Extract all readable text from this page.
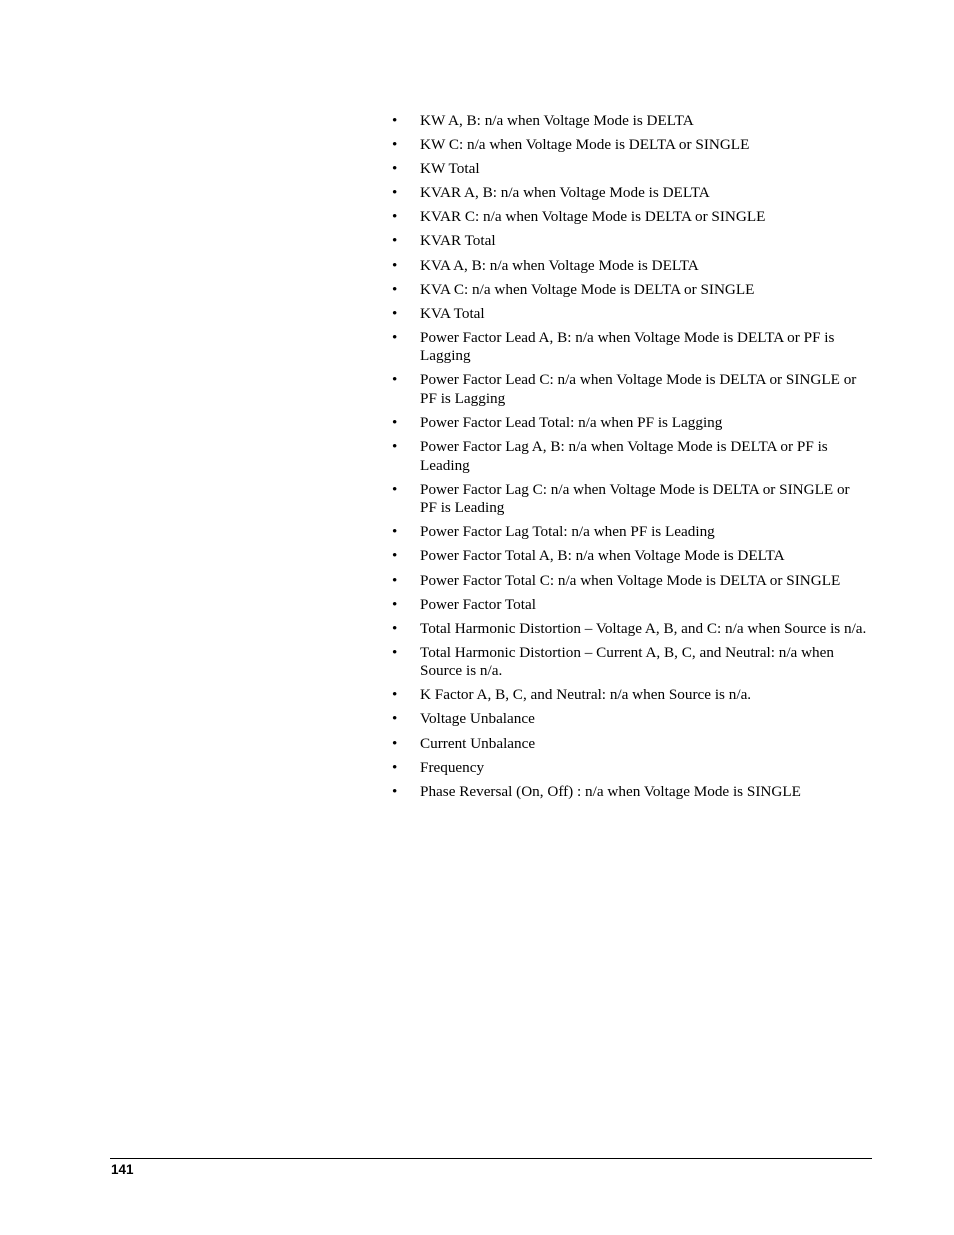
•	KW A, B: n/a when Voltage Mode is DELTA
•	KW C: n/a when Voltage Mode is DELTA or SINGLE
•	KW Total
•	KVAR A, B: n/a when Voltage Mode is DELTA
•	KVAR C: n/a when Voltage Mode is DELTA or SINGLE
•	KVAR Total
•	KVA A, B: n/a when Voltage Mode is DELTA
•	KVA C: n/a when Voltage Mode is DELTA or SINGLE
•	KVA Total
•	Power Factor Lead A, B: n/a when Voltage Mode is DELTA or PF is Lagging
•	Power Factor Lead C: n/a when Voltage Mode is DELTA or SINGLE or PF is Lagging
•	Power Factor Lead Total: n/a when PF is Lagging
•	Power Factor Lag A, B: n/a when Voltage Mode is DELTA or PF is Leading
•	Power Factor Lag C: n/a when Voltage Mode is DELTA or SINGLE or PF is Leading
•	Power Factor Lag Total: n/a when PF is Leading
•	Power Factor Total A, B: n/a when Voltage Mode is DELTA
•	Power Factor Total C: n/a when Voltage Mode is DELTA or SINGLE
•	Power Factor Total
•	Total Harmonic Distortion – Voltage A, B, and C: n/a when Source is n/a.
•	Total Harmonic Distortion – Current A, B, C, and Neutral: n/a when Source is n/a.
•	K Factor A, B, C, and Neutral: n/a when Source is n/a.
•	Voltage Unbalance
•	Current Unbalance
•	Frequency
•	Phase Reversal (On, Off) : n/a when Voltage Mode is SINGLE
141
